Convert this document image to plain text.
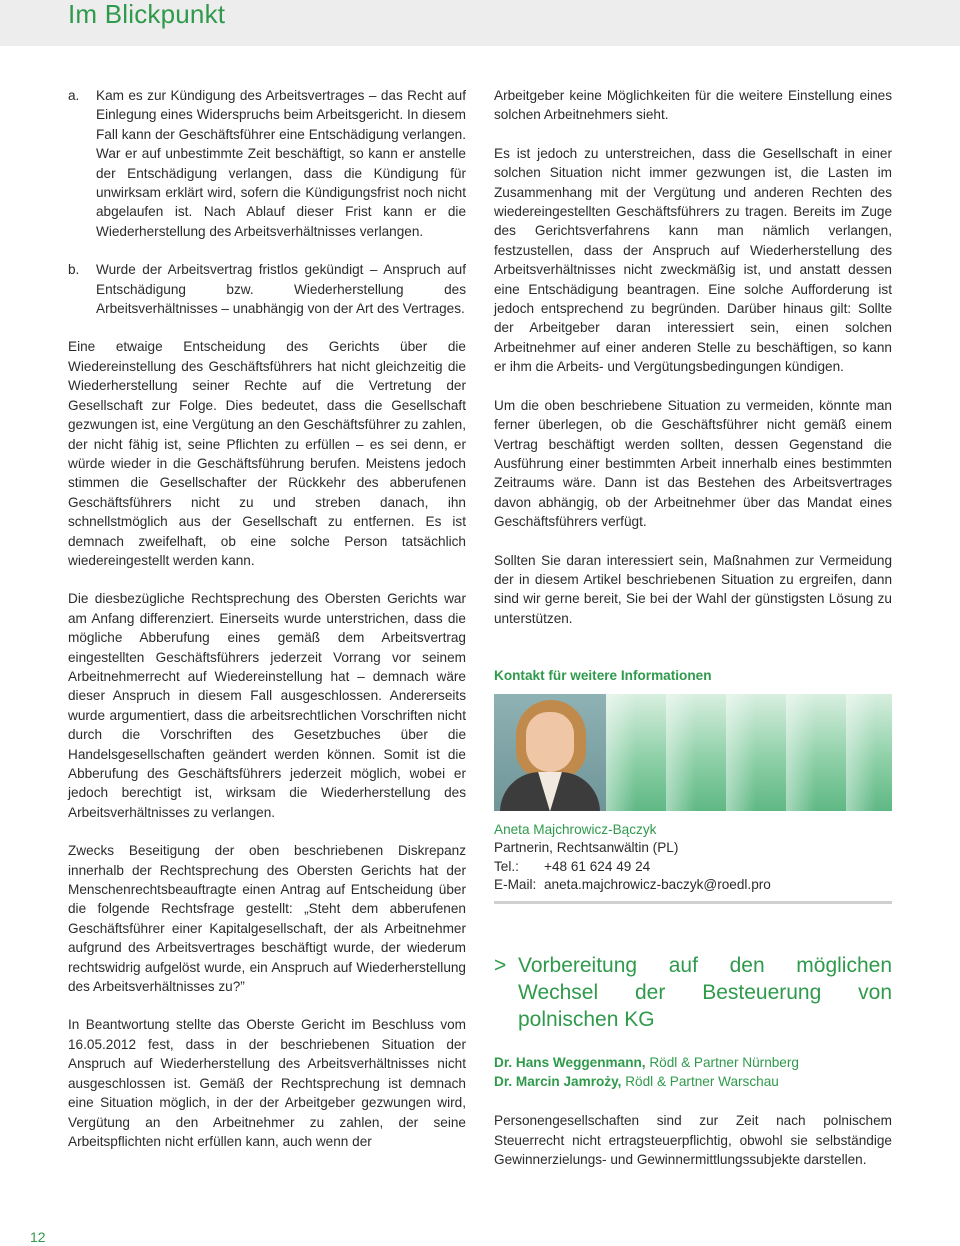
Im Blickpunkt
a.	Kam es zur Kündigung des Arbeitsvertrages – das Recht auf Einlegung eines Widerspruchs beim Arbeitsgericht. In diesem Fall kann der Geschäftsführer eine Entschädigung verlangen. War er auf unbestimmte Zeit beschäftigt, so kann er anstelle der Entschädigung verlangen, dass die Kündigung für unwirksam erklärt wird, sofern die Kündigungsfrist noch nicht abgelaufen ist. Nach Ablauf dieser Frist kann er die Wiederherstellung des Arbeitsverhältnisses verlangen.
b.	Wurde der Arbeitsvertrag fristlos gekündigt – Anspruch auf Entschädigung bzw. Wiederherstellung des Arbeitsverhältnisses – unabhängig von der Art des Vertrages.

Eine etwaige Entscheidung des Gerichts über die Wiedereinstellung des Geschäftsführers hat nicht gleichzeitig die Wiederherstellung seiner Rechte auf die Vertretung der Gesellschaft zur Folge. Dies bedeutet, dass die Gesellschaft gezwungen ist, eine Vergütung an den Geschäftsführer zu zahlen, der nicht fähig ist, seine Pflichten zu erfüllen – es sei denn, er würde wieder in die Geschäftsführung berufen. Meistens jedoch stimmen die Gesellschafter der Rückkehr des abberufenen Geschäftsführers nicht zu und streben danach, ihn schnellstmöglich aus der Gesellschaft zu entfernen. Es ist demnach zweifelhaft, ob eine solche Person tatsächlich wiedereingestellt werden kann.

Die diesbezügliche Rechtsprechung des Obersten Gerichts war am Anfang differenziert. Einerseits wurde unterstrichen, dass die mögliche Abberufung eines gemäß dem Arbeitsvertrag eingestellten Geschäftsführers jederzeit Vorrang vor seinem Arbeitnehmerrecht auf Wiedereinstellung hat – demnach wäre dieser Anspruch in diesem Fall ausgeschlossen. Andererseits wurde argumentiert, dass die arbeitsrechtlichen Vorschriften nicht durch die Vorschriften des Gesetzbuches über die Handelsgesellschaften geändert werden können. Somit ist die Abberufung des Geschäftsführers jederzeit möglich, wobei er jedoch berechtigt ist, wirksam die Wiederherstellung des Arbeitsverhältnisses zu verlangen.

Zwecks Beseitigung der oben beschriebenen Diskrepanz innerhalb der Rechtsprechung des Obersten Gerichts hat der Menschenrechtsbeauftragte einen Antrag auf Entscheidung über die folgende Rechtsfrage gestellt: „Steht dem abberufenen Geschäftsführer einer Kapitalgesellschaft, der als Arbeitnehmer aufgrund des Arbeitsvertrages beschäftigt wurde, der wiederum rechtswidrig aufgelöst wurde, ein Anspruch auf Wiederherstellung des Arbeitsverhältnisses zu?”

In Beantwortung stellte das Oberste Gericht im Beschluss vom 16.05.2012 fest, dass in der beschriebenen Situation der Anspruch auf Wiederherstellung des Arbeitsverhältnisses nicht ausgeschlossen ist. Gemäß der Rechtsprechung ist demnach eine Situation möglich, in der der Arbeitgeber gezwungen wird, Vergütung an den Arbeitnehmer zu zahlen, der seine Arbeitspflichten nicht erfüllen kann, auch wenn der

Arbeitgeber keine Möglichkeiten für die weitere Einstellung eines solchen Arbeitnehmers sieht.

Es ist jedoch zu unterstreichen, dass die Gesellschaft in einer solchen Situation nicht immer gezwungen ist, die Lasten im Zusammenhang mit der Vergütung und anderen Rechten des wiedereingestellten Geschäftsführers zu tragen. Bereits im Zuge des Gerichtsverfahrens kann man nämlich verlangen, festzustellen, dass der Anspruch auf Wiederherstellung des Arbeitsverhältnisses nicht zweckmäßig ist, und anstatt dessen eine Entschädigung beantragen. Eine solche Aufforderung ist jedoch entsprechend zu begründen. Darüber hinaus gilt: Sollte der Arbeitgeber daran interessiert sein, einen solchen Arbeitnehmer auf einer anderen Stelle zu beschäftigen, so kann er ihm die Arbeits- und Vergütungsbedingungen kündigen.

Um die oben beschriebene Situation zu vermeiden, könnte man ferner überlegen, ob die Geschäftsführer nicht gemäß einem Vertrag beschäftigt werden sollten, dessen Gegenstand die Ausführung einer bestimmten Arbeit innerhalb eines bestimmten Zeitraums wäre. Dann ist das Bestehen des Arbeitsvertrages davon abhängig, ob der Arbeitnehmer über das Mandat eines Geschäftsführers verfügt.

Sollten Sie daran interessiert sein, Maßnahmen zur Vermeidung der in diesem Artikel beschriebenen Situation zu ergreifen, dann sind wir gerne bereit, Sie bei der Wahl der günstigsten Lösung zu unterstützen.

Kontakt für weitere Informationen
Aneta Majchrowicz-Bączyk
Partnerin, Rechtsanwältin (PL)
Tel.:	+48 61 624 49 24
E-Mail: aneta.majchrowicz-baczyk@roedl.pro
> Vorbereitung auf den möglichen Wechsel der Besteuerung von polnischen KG
Dr. Hans Weggenmann, Rödl & Partner Nürnberg
Dr. Marcin Jamroży, Rödl & Partner Warschau

Personengesellschaften sind zur Zeit nach polnischem Steuerrecht nicht ertragsteuerpflichtig, obwohl sie selbständige Gewinnerzielungs- und Gewinnermittlungssubjekte darstellen.

12
